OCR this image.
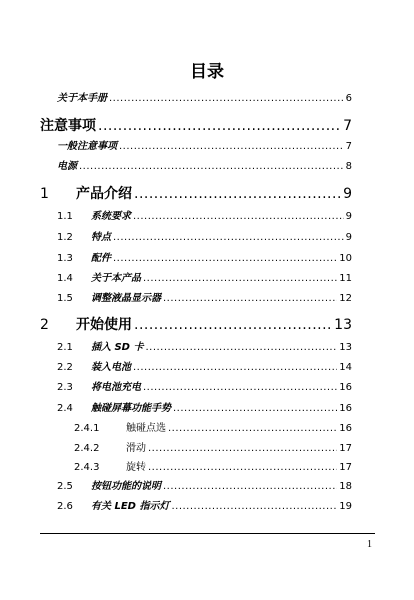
目录
关于本手册 .....	6
注意事项 .....	7
一般注意事项 .....	7
电源 .....	8
1	产品介绍 .....	9
1.1	系统要求 .....	9
1.2	特点 .....	9
1.3	配件 .....	10
1.4	关于本产品 .....	11
1.5	调整液晶显示器 .....	12
2	开始使用 .....	13
2.1	插入 SD 卡 .....	13
2.2	装入电池 .....	14
2.3	将电池充电 .....	16
2.4	触碰屏幕功能手势 .....	16
2.4.1	触碰点选 .....	16
2.4.2	滑动 .....	17
2.4.3	旋转 .....	17
2.5	按钮功能的说明 .....	18
2.6	有关 LED 指示灯 .....	19
1
